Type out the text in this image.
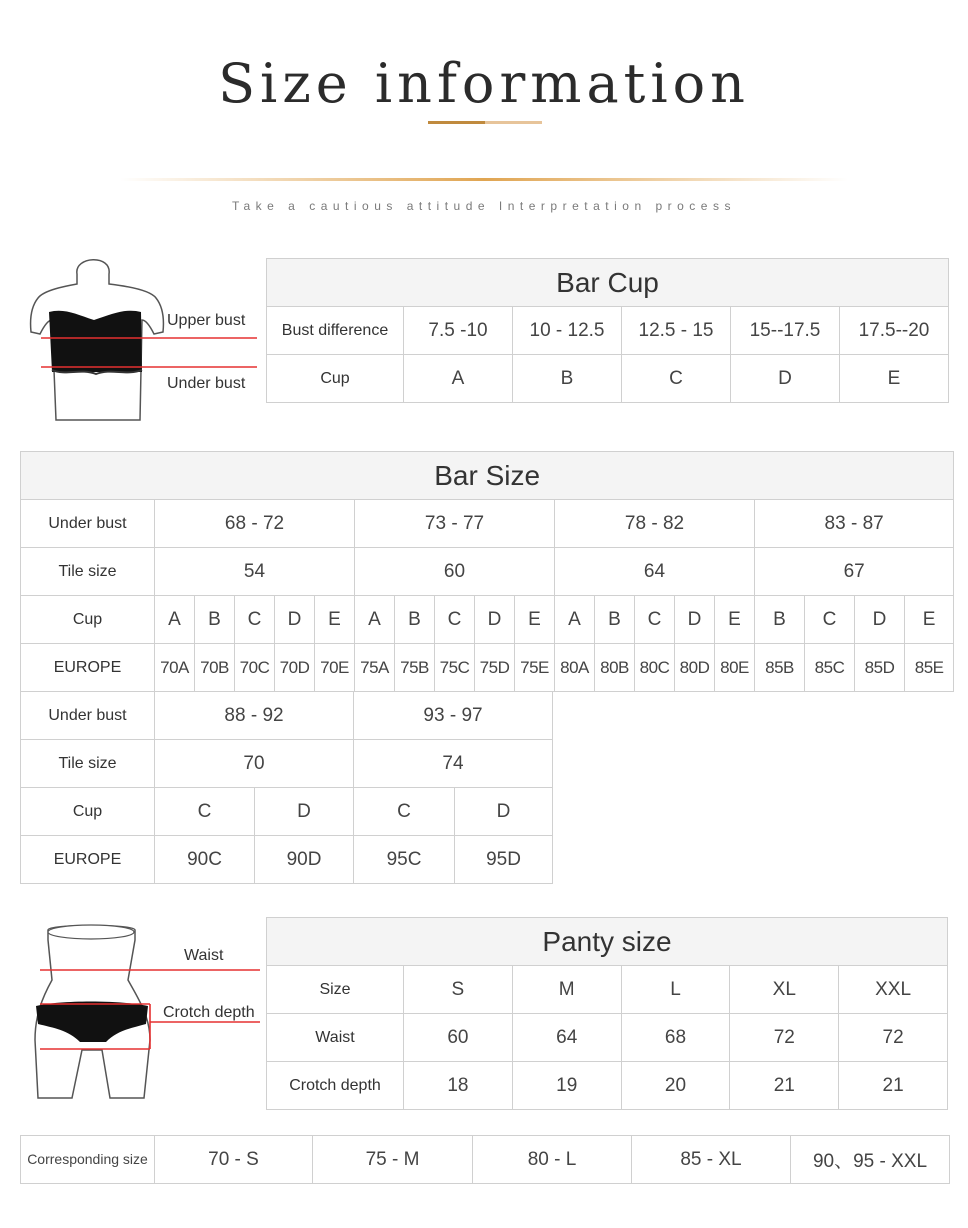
Size information
Take a cautious attitude Interpretation process
Upper bust
Under bust
Bar Cup					
Bust difference	7.5 -10	10 - 12.5	12.5 - 15	15--17.5	17.5--20
Cup	A	B	C	D	E
Bar Size																			
Under bust	68 - 72					73 - 77					78 - 82					83 - 87			
Tile size	54					60					64					67			
Cup	A	B	C	D	E	A	B	C	D	E	A	B	C	D	E	B	C	D	E
EUROPE	70A	70B	70C	70D	70E	75A	75B	75C	75D	75E	80A	80B	80C	80D	80E	85B	85C	85D	85E
Under bust	88 - 92		93 - 97	
Tile size	70		74	
Cup	C	D	C	D
EUROPE	90C	90D	95C	95D
Waist
Crotch depth
Panty size					
Size	S	M	L	XL	XXL
Waist	60	64	68	72	72
Crotch depth	18	19	20	21	21
Corresponding size	70 - S	75 - M	80 - L	85 - XL	90、95 - XXL
